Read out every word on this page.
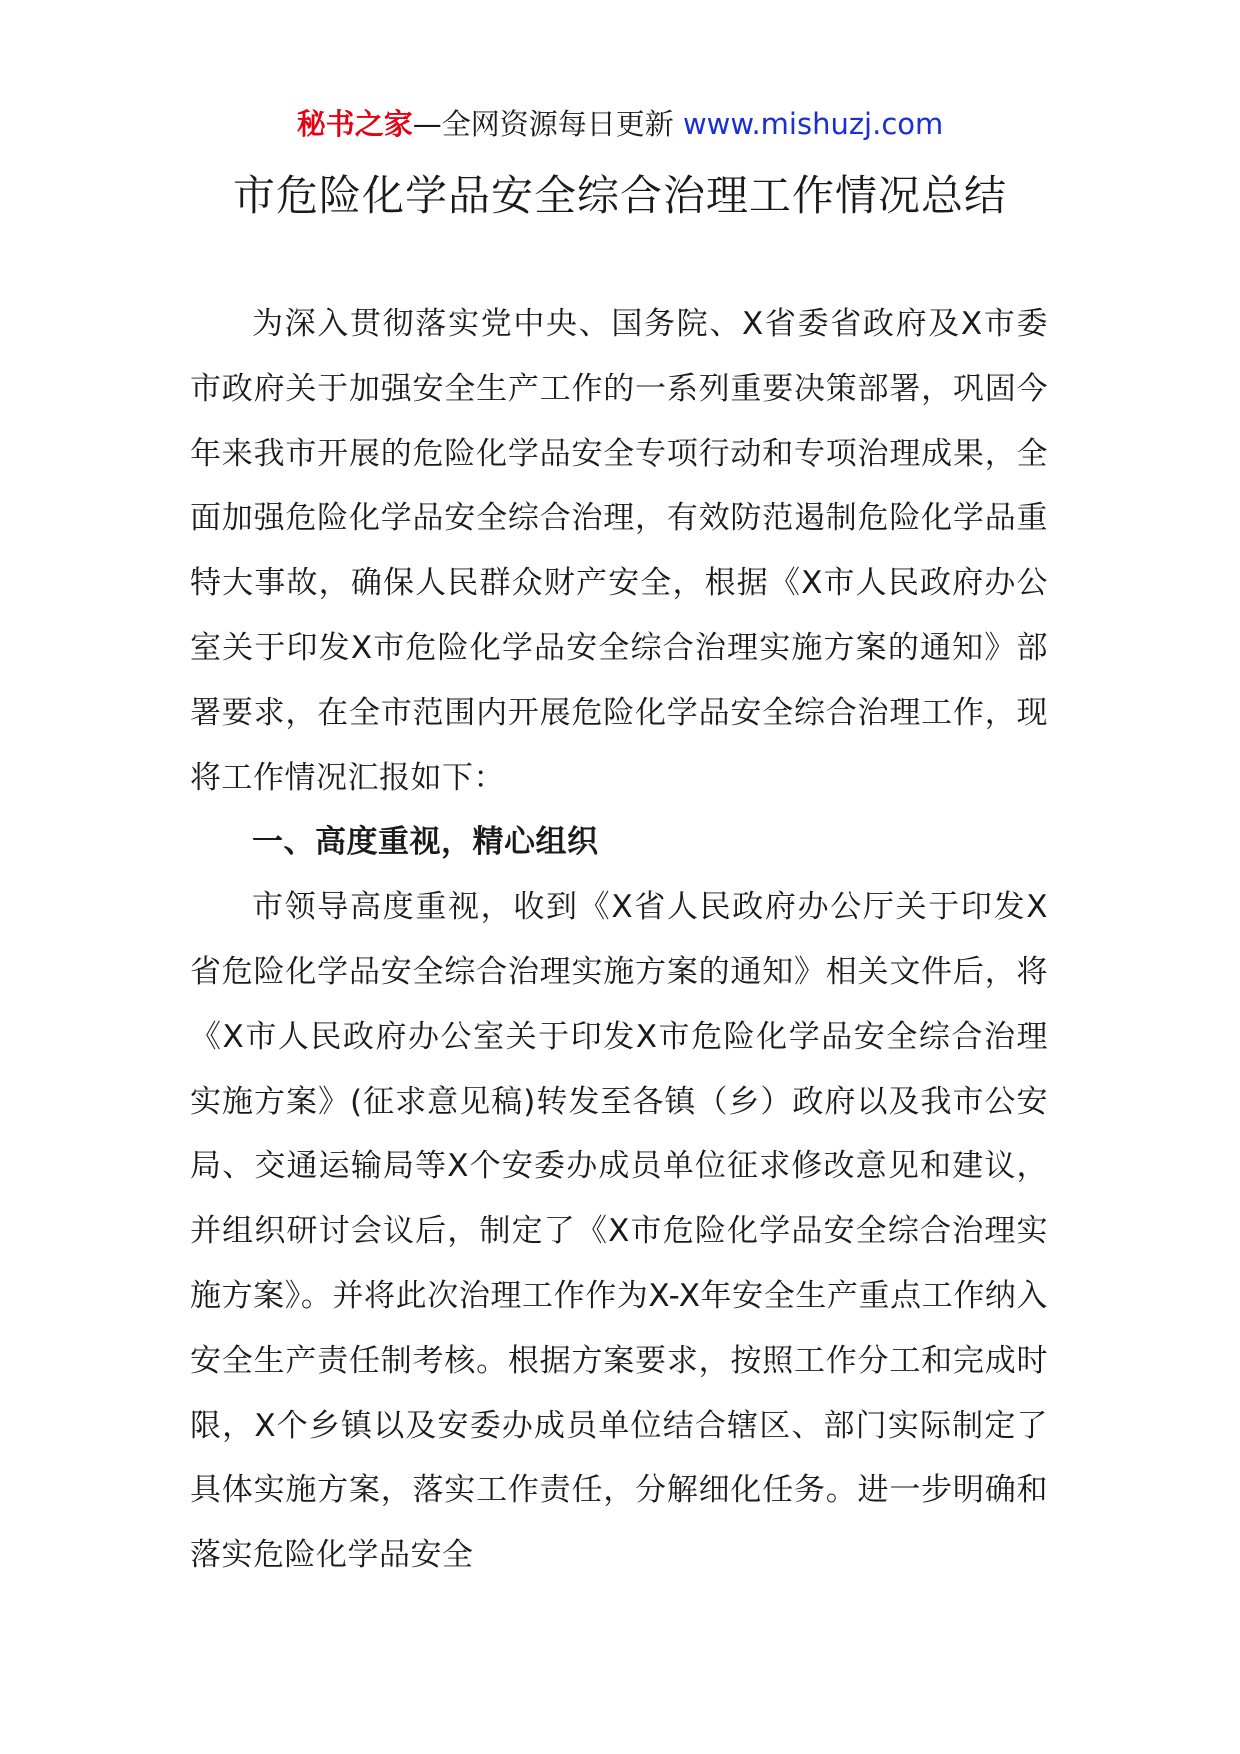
秘书之家—全网资源每日更新 www.mishuzj.com
市危险化学品安全综合治理工作情况总结

为深入贯彻落实党中央、国务院、X省委省政府及X市委市政府关于加强安全生产工作的一系列重要决策部署，巩固今年来我市开展的危险化学品安全专项行动和专项治理成果，全面加强危险化学品安全综合治理，有效防范遏制危险化学品重特大事故，确保人民群众财产安全，根据《X市人民政府办公室关于印发X市危险化学品安全综合治理实施方案的通知》部署要求，在全市范围内开展危险化学品安全综合治理工作，现将工作情况汇报如下：

一、高度重视，精心组织

市领导高度重视，收到《X省人民政府办公厅关于印发X省危险化学品安全综合治理实施方案的通知》相关文件后，将《X市人民政府办公室关于印发X市危险化学品安全综合治理实施方案》(征求意见稿)转发至各镇（乡）政府以及我市公安局、交通运输局等X个安委办成员单位征求修改意见和建议，并组织研讨会议后，制定了《X市危险化学品安全综合治理实施方案》。并将此次治理工作作为X-X年安全生产重点工作纳入安全生产责任制考核。根据方案要求，按照工作分工和完成时限，X个乡镇以及安委办成员单位结合辖区、部门实际制定了具体实施方案，落实工作责任，分解细化任务。进一步明确和落实危险化学品安全
